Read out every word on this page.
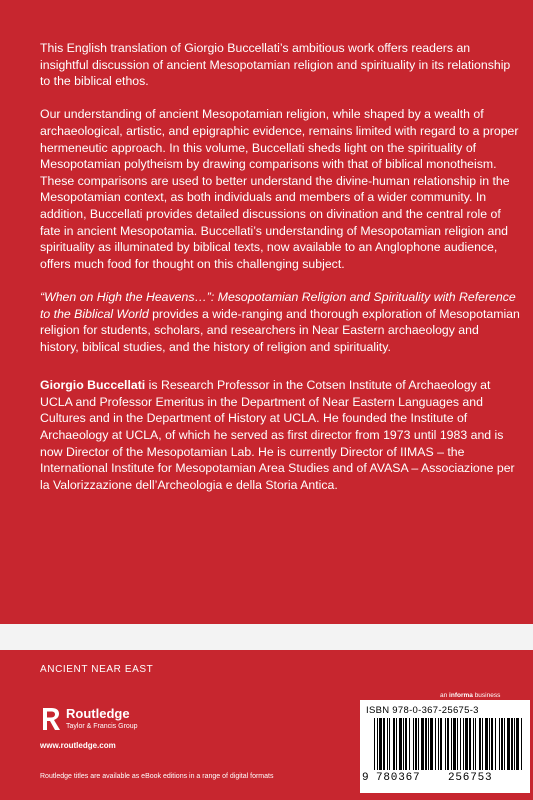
This English translation of Giorgio Buccellati’s ambitious work offers readers an insightful discussion of ancient Mesopotamian religion and spirituality in its relationship to the biblical ethos.

Our understanding of ancient Mesopotamian religion, while shaped by a wealth of archaeological, artistic, and epigraphic evidence, remains limited with regard to a proper hermeneutic approach. In this volume, Buccellati sheds light on the spirituality of Mesopotamian polytheism by drawing comparisons with that of biblical monotheism. These comparisons are used to better understand the divine-human relationship in the Mesopotamian context, as both individuals and members of a wider community. In addition, Buccellati provides detailed discussions on divination and the central role of fate in ancient Mesopotamia. Buccellati’s understanding of Mesopotamian religion and spirituality as illuminated by biblical texts, now available to an Anglophone audience, offers much food for thought on this challenging subject.

“When on High the Heavens…”: Mesopotamian Religion and Spirituality with Reference to the Biblical World provides a wide-ranging and thorough exploration of Mesopotamian religion for students, scholars, and researchers in Near Eastern archaeology and history, biblical studies, and the history of religion and spirituality.

Giorgio Buccellati is Research Professor in the Cotsen Institute of Archaeology at UCLA and Professor Emeritus in the Department of Near Eastern Languages and Cultures and in the Department of History at UCLA. He founded the Institute of Archaeology at UCLA, of which he served as first director from 1973 until 1983 and is now Director of the Mesopotamian Lab. He is currently Director of IIMAS – the International Institute for Mesopotamian Area Studies and of AVASA – Associazione per la Valorizzazione dell’Archeologia e della Storia Antica.

ANCIENT NEAR EAST
Routledge
Taylor & Francis Group
www.routledge.com
Routledge titles are available as eBook editions in a range of digital formats
an informa business
ISBN 978-0-367-25675-3
9 780367	256753
